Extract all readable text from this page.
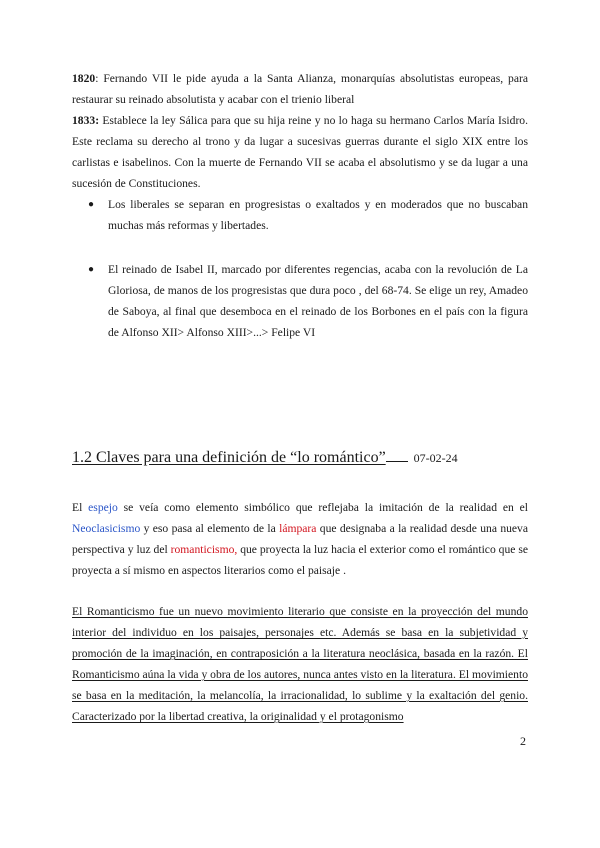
1820: Fernando VII le pide ayuda a la Santa Alianza, monarquías absolutistas europeas, para restaurar su reinado absolutista y acabar con el trienio liberal

1833: Establece la ley Sálica para que su hija reine y no lo haga su hermano Carlos María Isidro. Este reclama su derecho al trono y da lugar a sucesivas guerras durante el siglo XIX entre los carlistas e isabelinos. Con la muerte de Fernando VII se acaba el absolutismo y se da lugar a una sucesión de Constituciones.

● Los liberales se separan en progresistas o exaltados y en moderados que no buscaban muchas más reformas y libertades.

● El reinado de Isabel II, marcado por diferentes regencias, acaba con la revolución de La Gloriosa, de manos de los progresistas que dura poco , del 68-74. Se elige un rey, Amadeo de Saboya, al final que desemboca en el reinado de los Borbones en el país con la figura de Alfonso XII> Alfonso XIII>...> Felipe VI

1.2 Claves para una definición de “lo romántico” 07-02-24

El espejo se veía como elemento simbólico que reflejaba la imitación de la realidad en el Neoclasicismo y eso pasa al elemento de la lámpara que designaba a la realidad desde una nueva perspectiva y luz del romanticismo, que proyecta la luz hacia el exterior como el romántico que se proyecta a sí mismo en aspectos literarios como el paisaje .

El Romanticismo fue un nuevo movimiento literario que consiste en la proyección del mundo interior del individuo en los paisajes, personajes etc. Además se basa en la subjetividad y promoción de la imaginación, en contraposición a la literatura neoclásica, basada en la razón. El Romanticismo aúna la vida y obra de los autores, nunca antes visto en la literatura. El movimiento se basa en la meditación, la melancolía, la irracionalidad, lo sublime y la exaltación del genio. Caracterizado por la libertad creativa, la originalidad y el protagonismo

2
